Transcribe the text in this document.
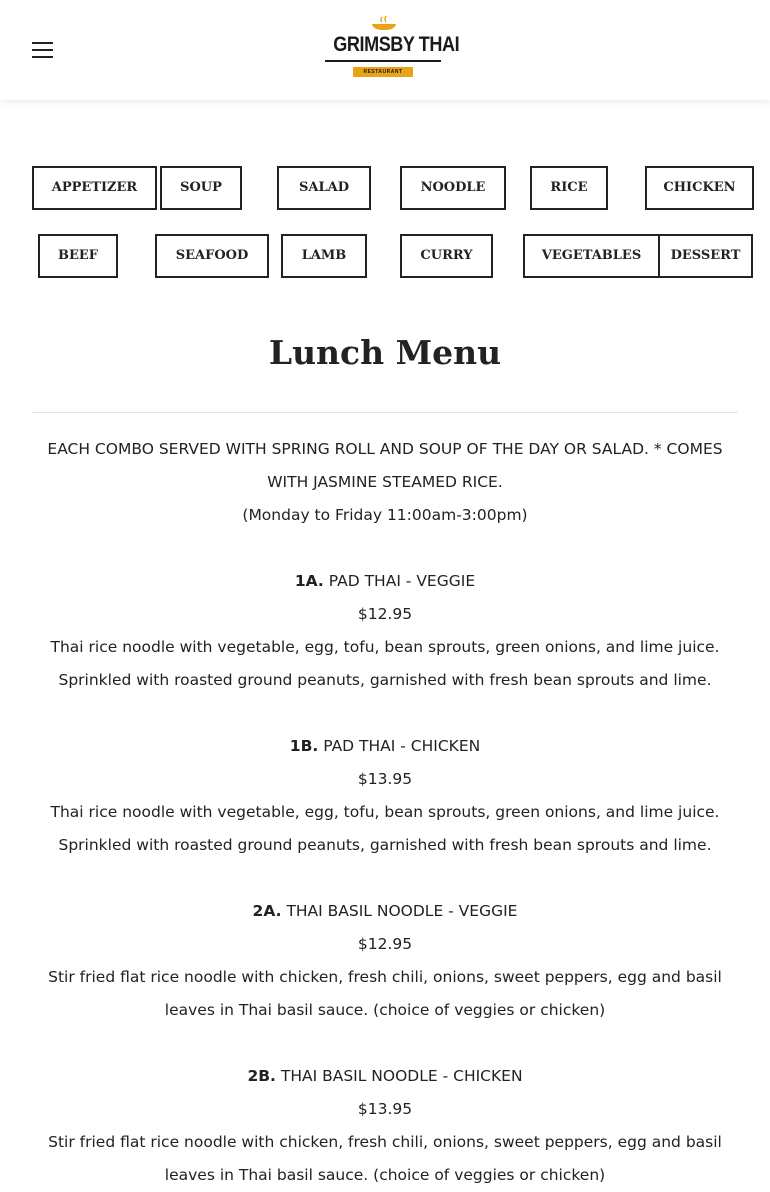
GRIMSBY THAI
RESTAURANT
APPETIZER	SOUP	SALAD	NOODLE	RICE	CHICKEN
BEEF	SEAFOOD	LAMB	CURRY	VEGETABLES	DESSERT
Lunch Menu

EACH COMBO SERVED WITH SPRING ROLL AND SOUP OF THE DAY OR SALAD. * COMES WITH JASMINE STEAMED RICE.

(Monday to Friday 11:00am-3:00pm)

1A. PAD THAI - VEGGIE

$12.95

Thai rice noodle with vegetable, egg, tofu, bean sprouts, green onions, and lime juice. Sprinkled with roasted ground peanuts, garnished with fresh bean sprouts and lime.

1B. PAD THAI - CHICKEN

$13.95

Thai rice noodle with vegetable, egg, tofu, bean sprouts, green onions, and lime juice. Sprinkled with roasted ground peanuts, garnished with fresh bean sprouts and lime.

2A. THAI BASIL NOODLE - VEGGIE

$12.95

Stir fried flat rice noodle with chicken, fresh chili, onions, sweet peppers, egg and basil leaves in Thai basil sauce. (choice of veggies or chicken)

2B. THAI BASIL NOODLE - CHICKEN

$13.95

Stir fried flat rice noodle with chicken, fresh chili, onions, sweet peppers, egg and basil leaves in Thai basil sauce. (choice of veggies or chicken)
